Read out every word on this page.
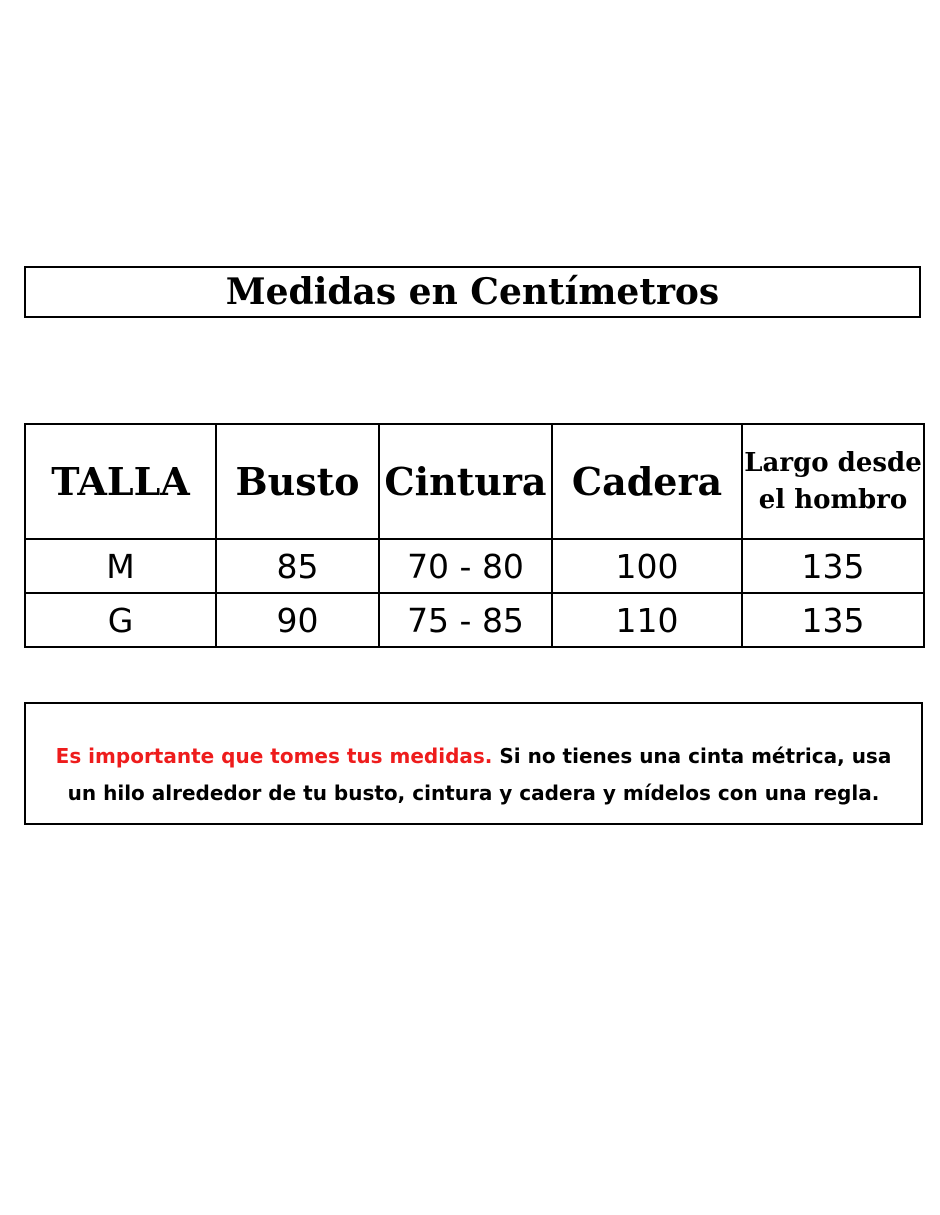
Medidas en Centímetros
TALLA	Busto	Cintura	Cadera	Largo desde el hombro
M	85	70 - 80	100	135
G	90	75 - 85	110	135
Es importante que tomes tus medidas. Si no tienes una cinta métrica, usa un hilo alrededor de tu busto, cintura y cadera y mídelos con una regla.
